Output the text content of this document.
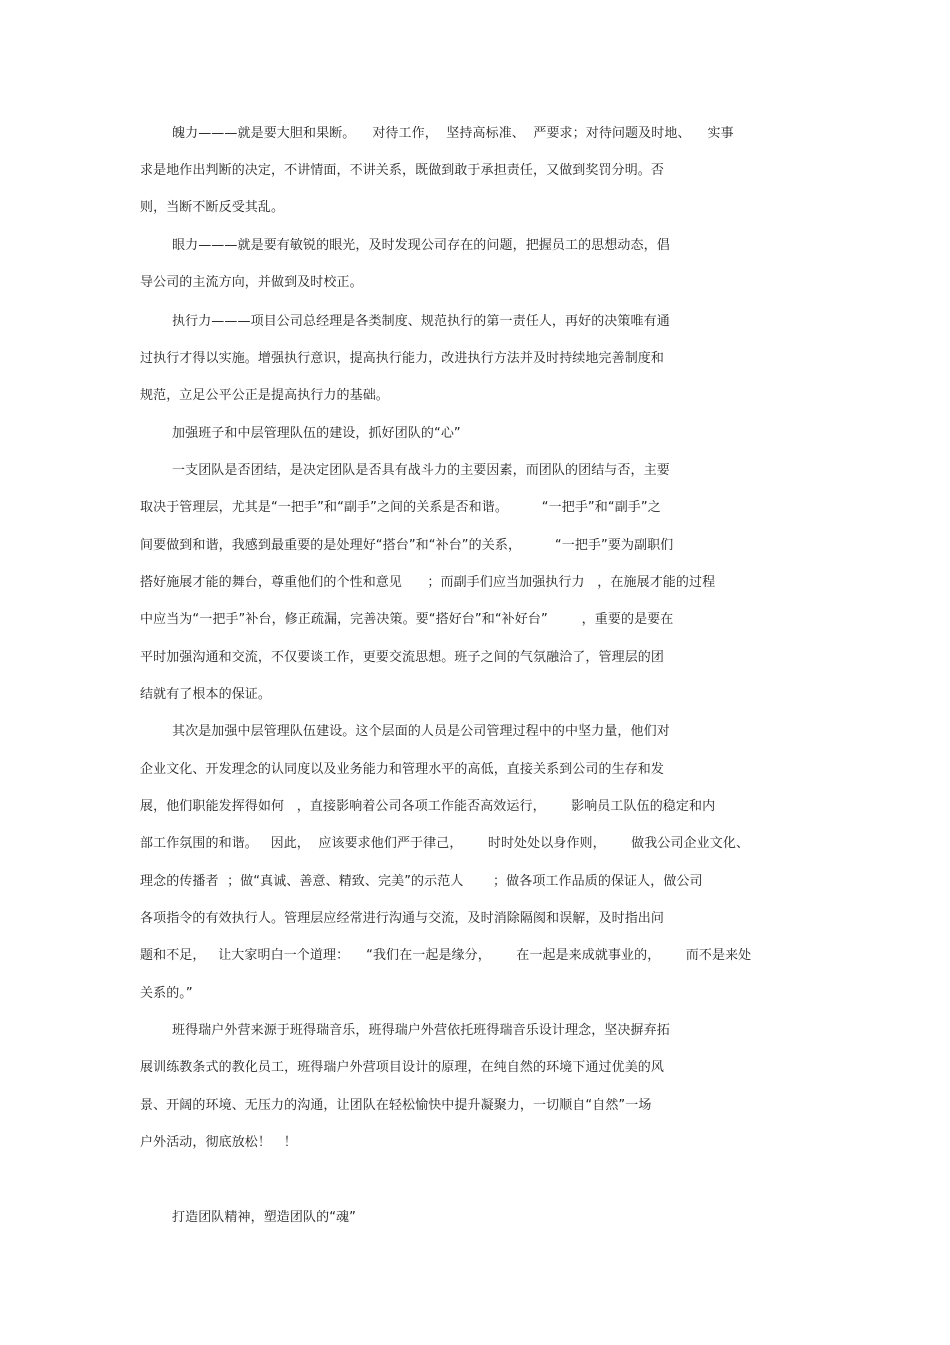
魄力———就是要大胆和果断。    对待工作，  坚持高标准、  严要求；对待问题及时地、    实事
求是地作出判断的决定，不讲情面，不讲关系，既做到敢于承担责任，又做到奖罚分明。否
则，当断不断反受其乱。
眼力———就是要有敏锐的眼光，及时发现公司存在的问题，把握员工的思想动态，倡
导公司的主流方向，并做到及时校正。
执行力———项目公司总经理是各类制度、规范执行的第一责任人，再好的决策唯有通
过执行才得以实施。增强执行意识，提高执行能力，改进执行方法并及时持续地完善制度和
规范，立足公平公正是提高执行力的基础。
加强班子和中层管理队伍的建设，抓好团队的“心”
一支团队是否团结，是决定团队是否具有战斗力的主要因素，而团队的团结与否，主要
取决于管理层，尤其是“一把手”和“副手”之间的关系是否和谐。        “一把手”和“副手”之
间要做到和谐，我感到最重要的是处理好“搭台”和“补台”的关系，        “一把手”要为副职们
搭好施展才能的舞台，尊重他们的个性和意见      ；而副手们应当加强执行力   ，在施展才能的过程
中应当为“一把手”补台，修正疏漏，完善决策。要“搭好台”和“补好台”        ，重要的是要在
平时加强沟通和交流，不仅要谈工作，更要交流思想。班子之间的气氛融洽了，管理层的团
结就有了根本的保证。
其次是加强中层管理队伍建设。这个层面的人员是公司管理过程中的中坚力量，他们对
企业文化、开发理念的认同度以及业务能力和管理水平的高低，直接关系到公司的生存和发
展，他们职能发挥得如何   ，直接影响着公司各项工作能否高效运行，      影响员工队伍的稳定和内
部工作氛围的和谐。   因此，  应该要求他们严于律己，      时时处处以身作则，      做我公司企业文化、
理念的传播者  ；做“真诚、善意、精致、完美”的示范人       ；做各项工作品质的保证人，做公司
各项指令的有效执行人。管理层应经常进行沟通与交流，及时消除隔阂和误解，及时指出问
题和不足，   让大家明白一个道理：    “我们在一起是缘分，      在一起是来成就事业的，      而不是来处
关系的。”
班得瑞户外营来源于班得瑞音乐，班得瑞户外营依托班得瑞音乐设计理念，坚决摒弃拓
展训练教条式的教化员工，班得瑞户外营项目设计的原理，在纯自然的环境下通过优美的风
景、开阔的环境、无压力的沟通，让团队在轻松愉快中提升凝聚力，一切顺自“自然”一场
户外活动，彻底放松！   ！
打造团队精神，塑造团队的“魂”
